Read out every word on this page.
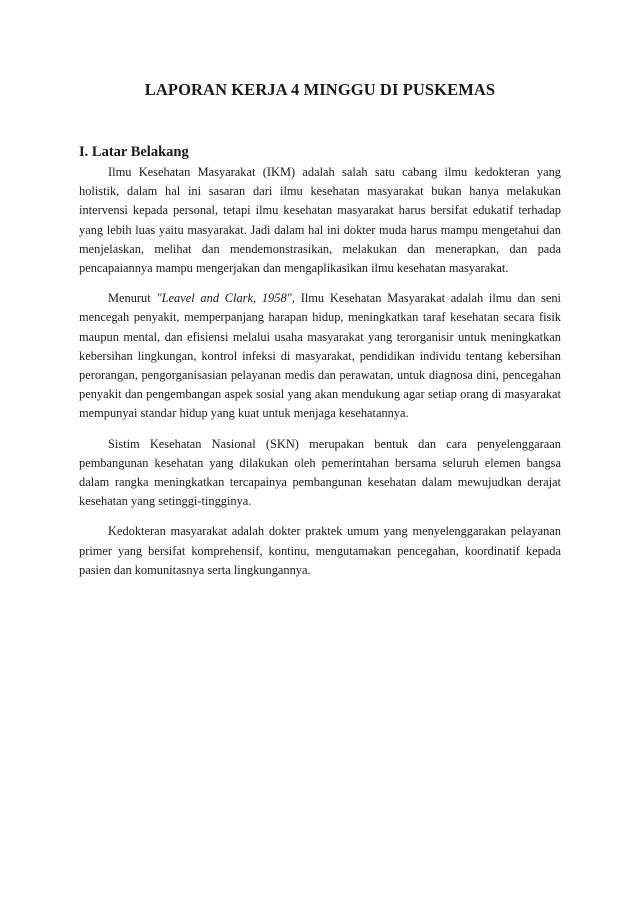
LAPORAN KERJA 4 MINGGU DI PUSKEMAS
I. Latar Belakang

Ilmu Kesehatan Masyarakat (IKM) adalah salah satu cabang ilmu kedokteran yang holistik, dalam hal ini sasaran dari ilmu kesehatan masyarakat bukan hanya melakukan intervensi kepada personal, tetapi ilmu kesehatan masyarakat harus bersifat edukatif terhadap yang lebih luas yaitu masyarakat. Jadi dalam hal ini dokter muda harus mampu mengetahui dan menjelaskan, melihat dan mendemonstrasikan, melakukan dan menerapkan, dan pada pencapaiannya mampu mengerjakan dan mengaplikasikan ilmu kesehatan masyarakat.

Menurut "Leavel and Clark, 1958", Ilmu Kesehatan Masyarakat adalah ilmu dan seni mencegah penyakit, memperpanjang harapan hidup, meningkatkan taraf kesehatan secara fisik maupun mental, dan efisiensi melalui usaha masyarakat yang terorganisir untuk meningkatkan kebersihan lingkungan, kontrol infeksi di masyarakat, pendidikan individu tentang kebersihan perorangan, pengorganisasian pelayanan medis dan perawatan, untuk diagnosa dini, pencegahan penyakit dan pengembangan aspek sosial yang akan mendukung agar setiap orang di masyarakat mempunyai standar hidup yang kuat untuk menjaga kesehatannya.

Sistim Kesehatan Nasional (SKN) merupakan bentuk dan cara penyelenggaraan pembangunan kesehatan yang dilakukan oleh pemerintahan bersama seluruh elemen bangsa dalam rangka meningkatkan tercapainya pembangunan kesehatan dalam mewujudkan derajat kesehatan yang setinggi-tingginya.

Kedokteran masyarakat adalah dokter praktek umum yang menyelenggarakan pelayanan primer yang bersifat komprehensif, kontinu, mengutamakan pencegahan, koordinatif kepada pasien dan komunitasnya serta lingkungannya.
